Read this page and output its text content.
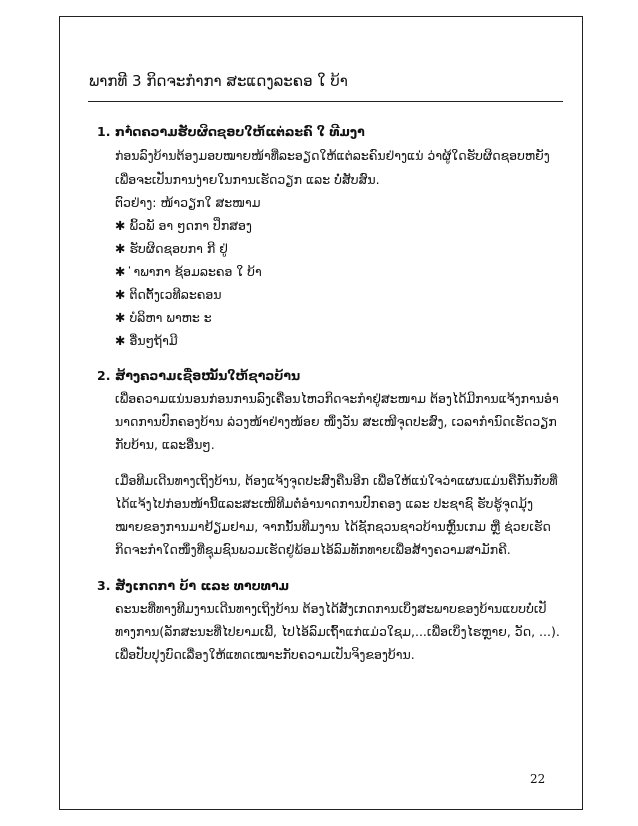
ພາກທີ 3 ກິດຈະກຳກາ ສະແດງລະຄອ ໃ ບ້າ
1. ກາ໋ດຄວາມຮັບຜິດຊອບໃຫ້ແຕ່ລະຄົ ໃ ທີມງາ
ກ່ອນລົງບ້ານຕ້ອງມອບໝາຍໜ້າທີ່ລະອຽດໃຫ້ແຕ່ລະຄົນຢ່າງແນ່ ວ່າຜູ້ໃດຮັບຜິດຊອບຫຍັງ
ເພື່ອຈະເປັນການງ່າຍໃນການເຮັດວຽກ ແລະ ບໍ່ສັບສົນ.
ຕົວຢ່າງ: ໜ້າວຽກໃ ສະໜາມ
✱ ພິ້ວພັ ອາ ໆດກາ ປຶກສອງ
✱ ຮັບຜິດຊອບກາ ກີ ຢູ່
✱ ່າພາກາ ຊ້ອມລະຄອ ໃ ບ້າ
✱ ຕິດຕັ້ງເວທີລະຄອນ
✱ ບໍລິຫາ ພາຫະ ະ
✱ ອື່ນໆຖ້າມີ
2. ສ້າງຄວາມເຊື່ອໝັ້ນໃຫ້ຊາວບ້ານ
ເພື່ອຄວາມແນ່ນອນກ່ອນການລົງເຄື່ອນໄຫວກິດຈະກຳຢູ່ສະໜາມ ຕ້ອງໄດ້ມີການແຈ້ງການອຳ
ນາດການປົກຄອງບ້ານ ລ່ວງໜ້າຢ່າງໜ້ອຍ ໜຶ່ງວັນ ສະເໜີຈຸດປະສົງ, ເວລາກຳນົດເຮັດວຽກ
ກັບບ້ານ, ແລະອື່ນໆ.
ເມື່ອທີມເດີນທາງເຖິງບ້ານ, ຕ້ອງແຈ້ງຈຸດປະສົງຄືນອີກ ເພື່ອໃຫ້ແນ່ໃຈວ່າແຜນແມ່ນຄືກັນກັບທີ່
ໄດ້ແຈ້ງໄປກ່ອນໜ້ານີ້ແລະສະເໜີທີມຕໍ່ອຳນາດການປົກຄອງ ແລະ ປະຊາຊົ ຮັບຮູ້ຈຸດມຸ້ງ
ໝາຍຂອງການມາຢ້ຽມຢາມ, ຈາກນັ້ນທີມງານ ໄດ້ຊັກຊວນຊາວບ້ານຫຼິ້ນເກມ ຫຼື ຊ່ວຍເຮັດ
ກິດຈະກຳໃດໜຶ່ງທີ່ຊຸມຊົນພວມເຮັດຢູ່ພ້ອມໄອ້ລົມທັກທາຍເພື່ອສ້າງຄວາມສາມັກຄີ.
3. ສັງເກດກາ ບ້າ ແລະ ທາບທາມ
ຄະນະທີ່ທາງທີມງານເດີນທາງເຖິງບ້ານ ຕ້ອງໄດ້ສັງເກດການເບິ່ງສະພາບຂອງບ້ານແບບບໍ່ເປັ
ທາງການ(ລັກສະນະທີ່ໄປຍາມເພີ້, ໄປໄອ້ລົມເຖົ້າແກ່ແມ່ວໃຊມ,...ເພື່ອເບິ່ງໄຮຫຼາຍ, ວັດ, ...).
ເພື່ອປັບປຸງບົດເລື່ອງໃຫ້ແທດເໝາະກັບຄວາມເປັນຈິງຂອງບ້ານ.
22
